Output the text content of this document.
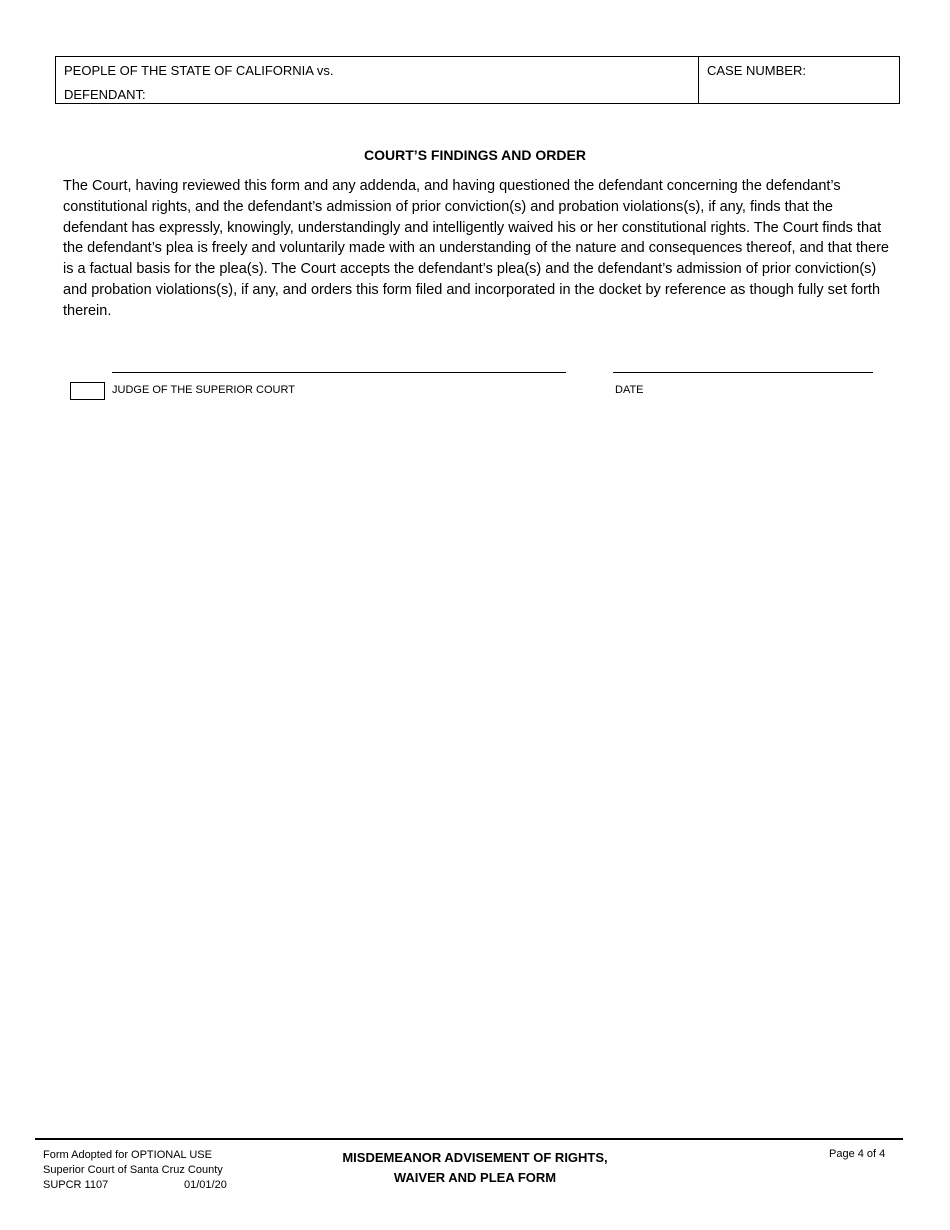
PEOPLE OF THE STATE OF CALIFORNIA vs.
DEFENDANT:
CASE NUMBER:
COURT’S FINDINGS AND ORDER

The Court, having reviewed this form and any addenda, and having questioned the defendant concerning the defendant’s constitutional rights, and the defendant’s admission of prior conviction(s) and probation violations(s), if any, finds that the defendant has expressly, knowingly, understandingly and intelligently waived his or her constitutional rights. The Court finds that the defendant’s plea is freely and voluntarily made with an understanding of the nature and consequences thereof, and that there is a factual basis for the plea(s). The Court accepts the defendant’s plea(s) and the defendant’s admission of prior conviction(s) and probation violations(s), if any, and orders this form filed and incorporated in the docket by reference as though fully set forth therein.

JUDGE OF THE SUPERIOR COURT	DATE
Form Adopted for OPTIONAL USE
Superior Court of Santa Cruz County
SUPCR 1107	01/01/20
MISDEMEANOR ADVISEMENT OF RIGHTS,
WAIVER AND PLEA FORM
Page 4 of 4
